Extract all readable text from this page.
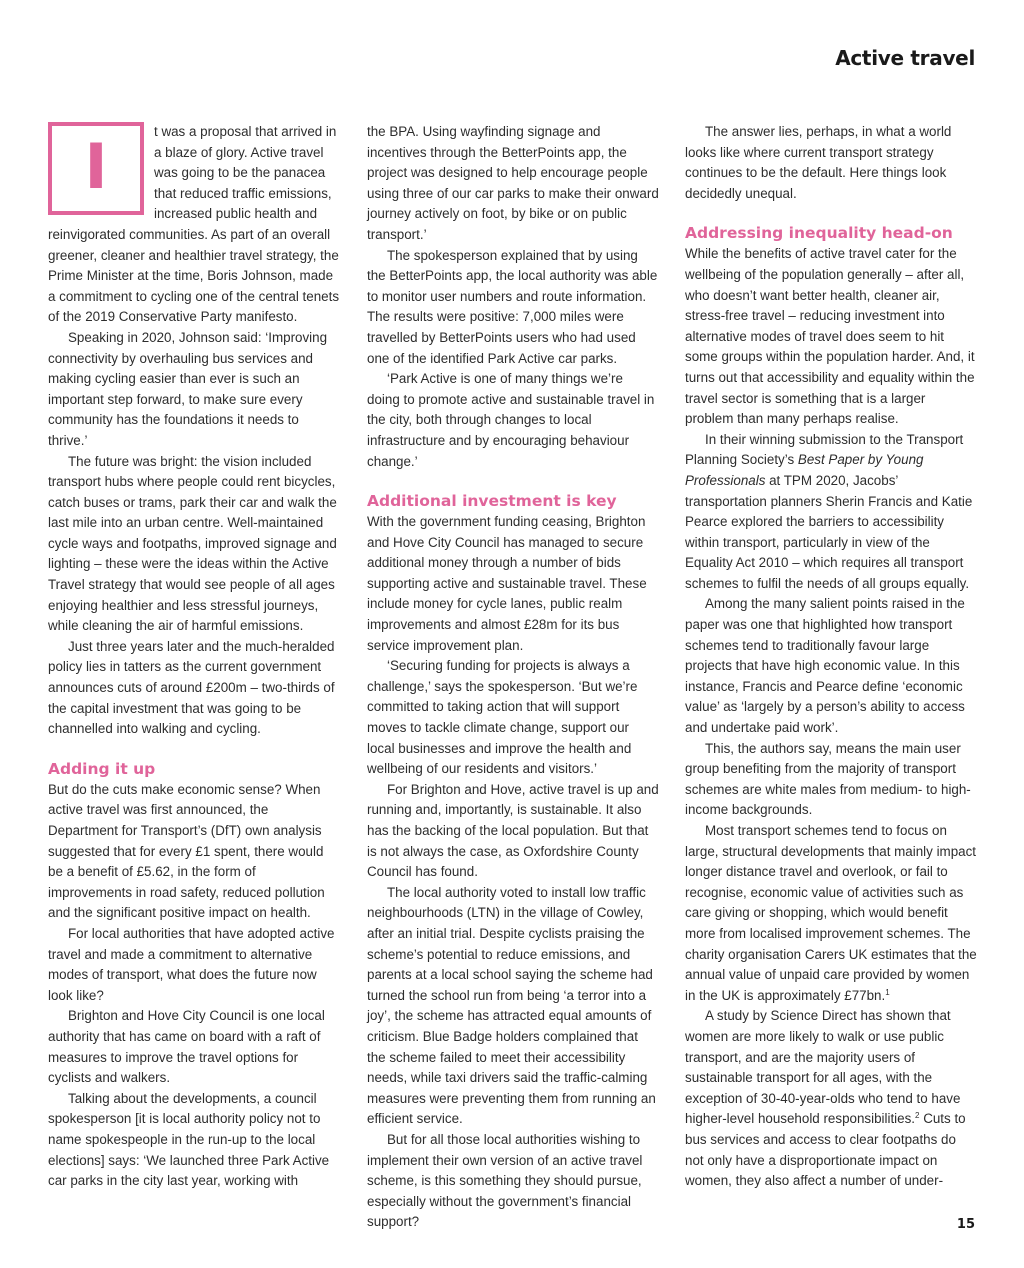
Active travel

I	t was a proposal that arrived in a blaze of glory. Active travel was going to be the panacea that reduced traffic emissions, increased public health and reinvigorated communities. As part of an overall greener, cleaner and healthier travel strategy, the Prime Minister at the time, Boris Johnson, made a commitment to cycling one of the central tenets of the 2019 Conservative Party manifesto.

Speaking in 2020, Johnson said: ‘Improving connectivity by overhauling bus services and making cycling easier than ever is such an important step forward, to make sure every community has the foundations it needs to thrive.’

The future was bright: the vision included transport hubs where people could rent bicycles, catch buses or trams, park their car and walk the last mile into an urban centre. Well-maintained cycle ways and footpaths, improved signage and lighting – these were the ideas within the Active Travel strategy that would see people of all ages enjoying healthier and less stressful journeys, while cleaning the air of harmful emissions.

Just three years later and the much-heralded policy lies in tatters as the current government announces cuts of around £200m – two-thirds of the capital investment that was going to be channelled into walking and cycling.

Adding it up

But do the cuts make economic sense? When active travel was first announced, the Department for Transport’s (DfT) own analysis suggested that for every £1 spent, there would be a benefit of £5.62, in the form of improvements in road safety, reduced pollution and the significant positive impact on health.

For local authorities that have adopted active travel and made a commitment to alternative modes of transport, what does the future now look like?

Brighton and Hove City Council is one local authority that has came on board with a raft of measures to improve the travel options for cyclists and walkers.

Talking about the developments, a council spokesperson [it is local authority policy not to name spokespeople in the run-up to the local elections] says: ‘We launched three Park Active car parks in the city last year, working with

the BPA. Using wayfinding signage and incentives through the BetterPoints app, the project was designed to help encourage people using three of our car parks to make their onward journey actively on foot, by bike or on public transport.’

The spokesperson explained that by using the BetterPoints app, the local authority was able to monitor user numbers and route information. The results were positive: 7,000 miles were travelled by BetterPoints users who had used one of the identified Park Active car parks.

‘Park Active is one of many things we’re doing to promote active and sustainable travel in the city, both through changes to local infrastructure and by encouraging behaviour change.’

Additional investment is key

With the government funding ceasing, Brighton and Hove City Council has managed to secure additional money through a number of bids supporting active and sustainable travel. These include money for cycle lanes, public realm improvements and almost £28m for its bus service improvement plan.

‘Securing funding for projects is always a challenge,’ says the spokesperson. ‘But we’re committed to taking action that will support moves to tackle climate change, support our local businesses and improve the health and wellbeing of our residents and visitors.’

For Brighton and Hove, active travel is up and running and, importantly, is sustainable. It also has the backing of the local population. But that is not always the case, as Oxfordshire County Council has found.

The local authority voted to install low traffic neighbourhoods (LTN) in the village of Cowley, after an initial trial. Despite cyclists praising the scheme’s potential to reduce emissions, and parents at a local school saying the scheme had turned the school run from being ‘a terror into a joy’, the scheme has attracted equal amounts of criticism. Blue Badge holders complained that the scheme failed to meet their accessibility needs, while taxi drivers said the traffic-calming measures were preventing them from running an efficient service.

But for all those local authorities wishing to implement their own version of an active travel scheme, is this something they should pursue, especially without the government’s financial support?

The answer lies, perhaps, in what a world looks like where current transport strategy continues to be the default. Here things look decidedly unequal.

Addressing inequality head-on

While the benefits of active travel cater for the wellbeing of the population generally – after all, who doesn’t want better health, cleaner air, stress-free travel – reducing investment into alternative modes of travel does seem to hit some groups within the population harder. And, it turns out that accessibility and equality within the travel sector is something that is a larger problem than many perhaps realise.

In their winning submission to the Transport Planning Society’s Best Paper by Young Professionals at TPM 2020, Jacobs’ transportation planners Sherin Francis and Katie Pearce explored the barriers to accessibility within transport, particularly in view of the Equality Act 2010 – which requires all transport schemes to fulfil the needs of all groups equally.

Among the many salient points raised in the paper was one that highlighted how transport schemes tend to traditionally favour large projects that have high economic value. In this instance, Francis and Pearce define ‘economic value’ as ‘largely by a person’s ability to access and undertake paid work’.

This, the authors say, means the main user group benefiting from the majority of transport schemes are white males from medium- to high-income backgrounds.

Most transport schemes tend to focus on large, structural developments that mainly impact longer distance travel and overlook, or fail to recognise, economic value of activities such as care giving or shopping, which would benefit more from localised improvement schemes. The charity organisation Carers UK estimates that the annual value of unpaid care provided by women in the UK is approximately £77bn.$^1$

A study by Science Direct has shown that women are more likely to walk or use public transport, and are the majority users of sustainable transport for all ages, with the exception of 30-40-year-olds who tend to have higher-level household responsibilities.$^2$ Cuts to bus services and access to clear footpaths do not only have a disproportionate impact on women, they also affect a number of under-

15
